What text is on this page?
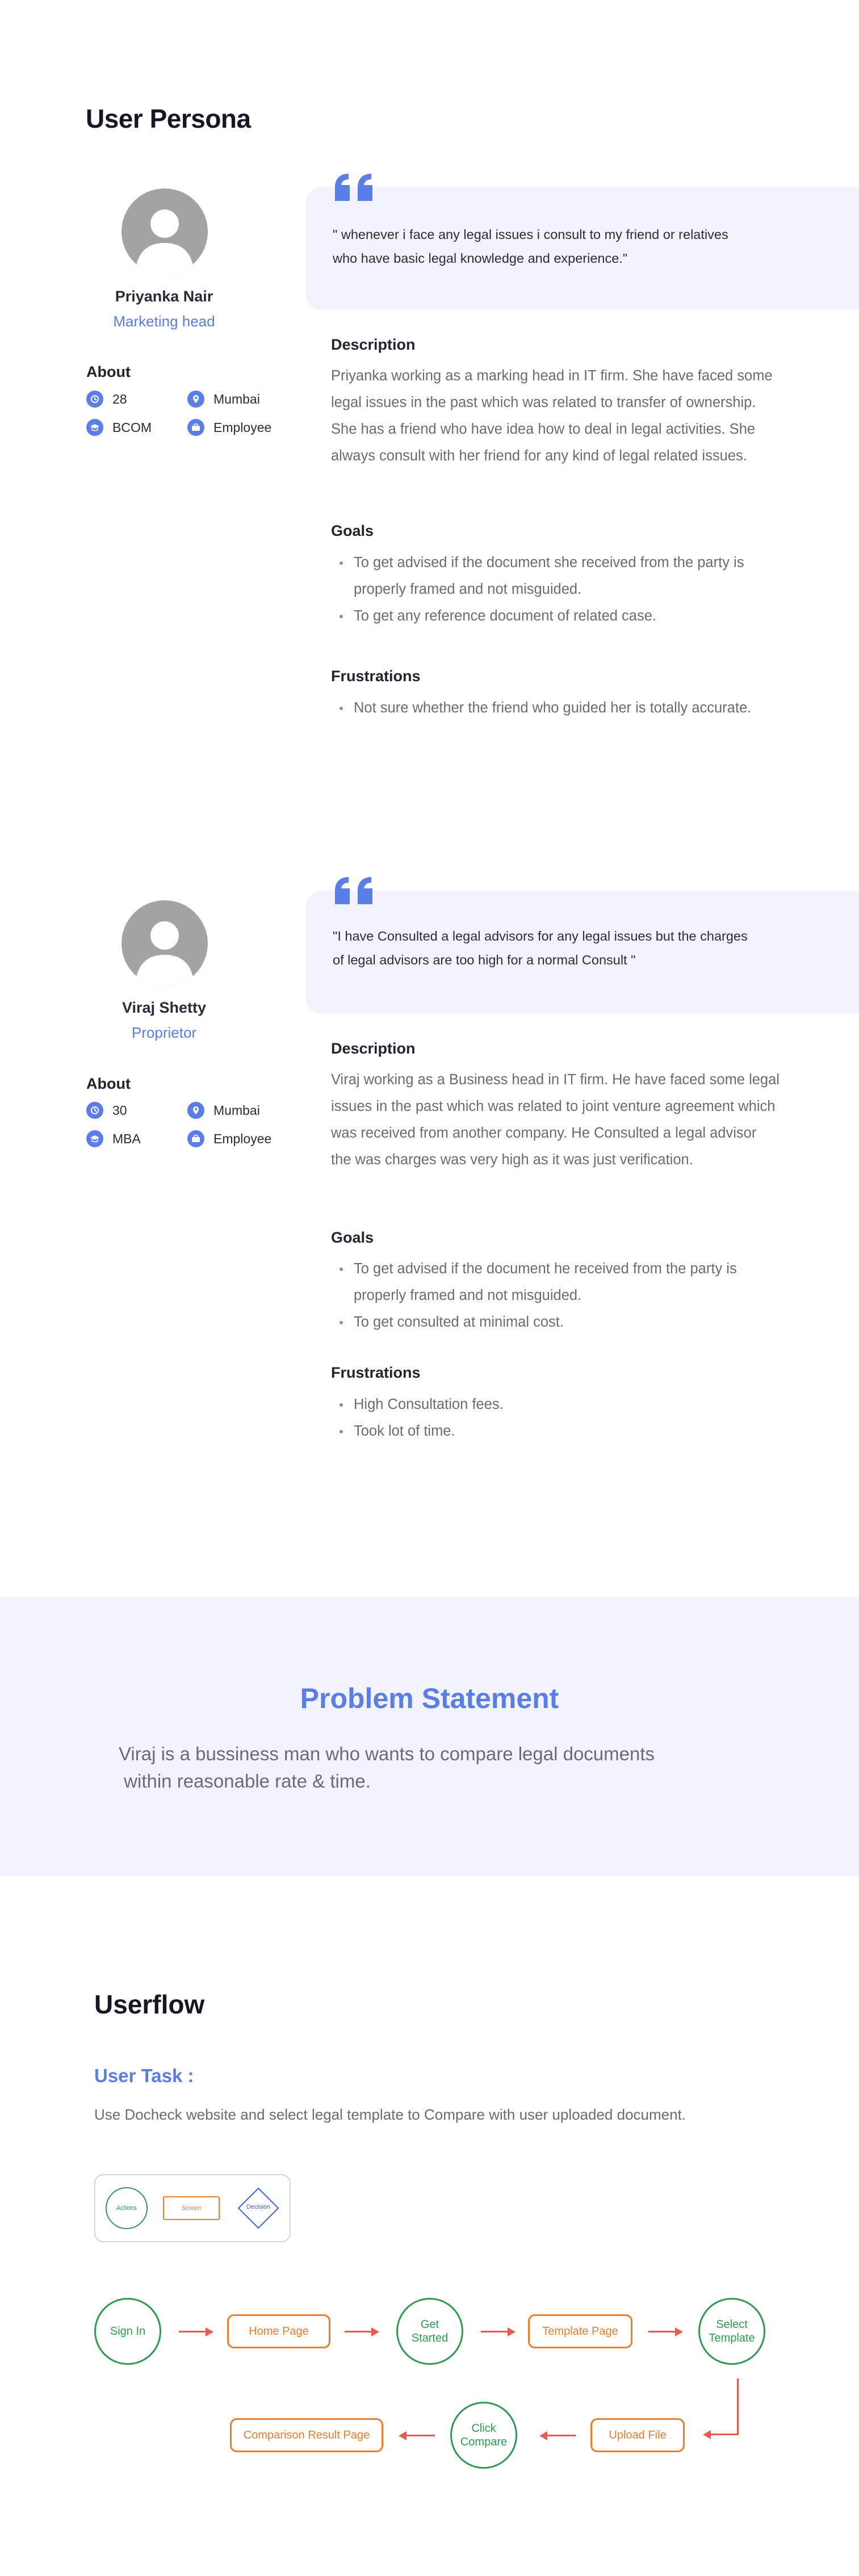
User Persona
Priyanka Nair
Marketing head
About
28	Mumbai
BCOM	Employee
" whenever i face any legal issues i consult to my friend or relatives who have basic legal knowledge and experience."
Description
Priyanka working as a marking head in IT firm. She have faced some legal issues in the past which was related to transfer of ownership. She has a friend who have idea how to deal in legal activities. She always consult with her friend for any kind of legal related issues.
Goals
To get advised if the document she received from the party is properly framed and not misguided.
To get any reference document of related case.
Frustrations
Not sure whether the friend who guided her is totally accurate.
Viraj Shetty
Proprietor
About
30	Mumbai
MBA	Employee
"I have Consulted a legal advisors for any legal issues but the charges of legal advisors are too high for a normal Consult "
Description
Viraj working as a Business head in IT firm. He have faced some legal issues in the past which was related to joint venture agreement which was received from another company. He Consulted a legal advisor the was charges was very high as it was just verification.
Goals
To get advised if the document he received from the party is properly framed and not misguided.
To get consulted at minimal cost.
Frustrations
High Consultation fees.
Took lot of time.
Problem Statement
Viraj is a bussiness man who wants to compare legal documents
within reasonable rate & time.
Userflow
User Task :
Use Docheck website and select legal template to Compare with user uploaded document.
Actions	Screen	Decision
Sign In	Home Page
Get
Started
Template Page
Select
Template
Upload File
Click
Compare
Comparison Result Page
